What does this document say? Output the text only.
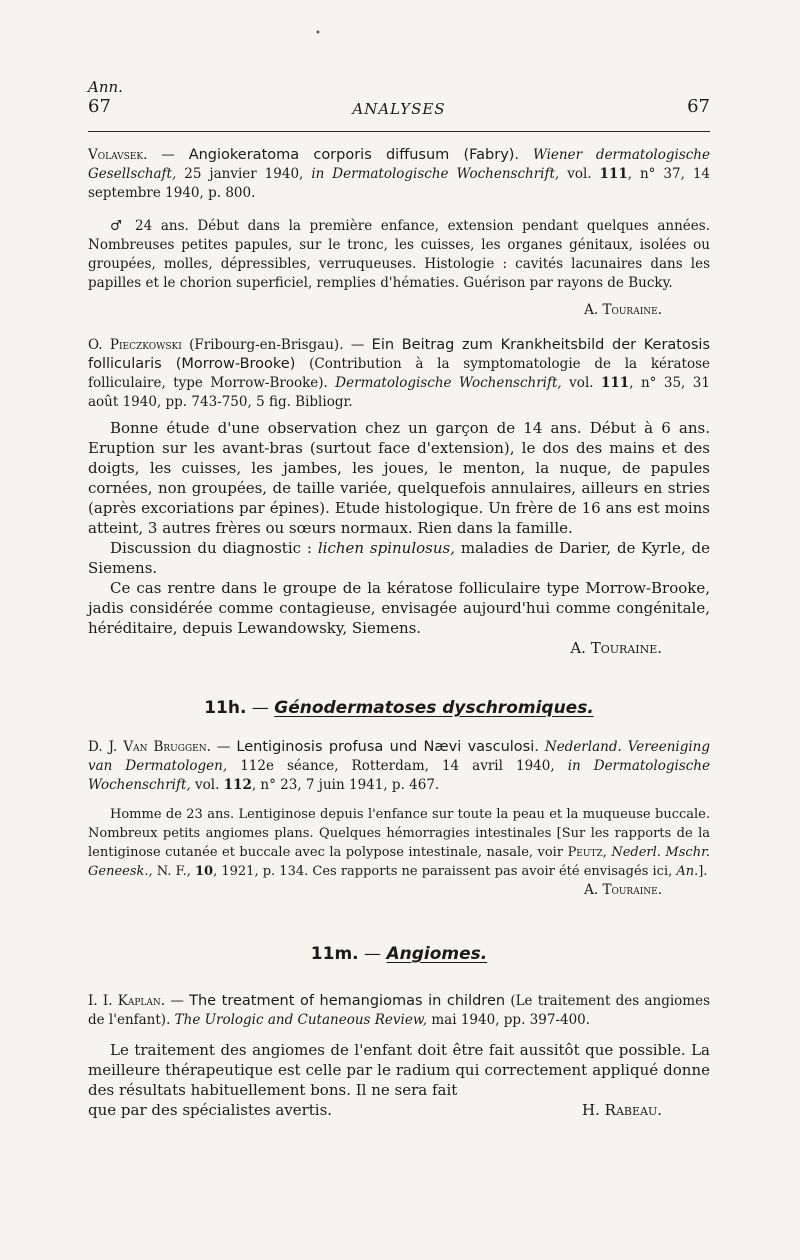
•
Ann.
67	ANALYSES	67

Volavsek. — Angiokeratoma corporis diffusum (Fabry). Wiener dermatologische Gesellschaft, 25 janvier 1940, in Dermatologische Wochenschrift, vol. 111, n° 37, 14 septembre 1940, p. 800.

♂ 24 ans. Début dans la première enfance, extension pendant quelques années. Nombreuses petites papules, sur le tronc, les cuisses, les organes génitaux, isolées ou groupées, molles, dépressibles, verruqueuses. Histologie : cavités lacunaires dans les papilles et le chorion superficiel, remplies d'hématies. Guérison par rayons de Bucky.

A. Touraine.

O. Pieczkowski (Fribourg-en-Brisgau). — Ein Beitrag zum Krankheitsbild der Keratosis follicularis (Morrow-Brooke) (Contribution à la symptomatologie de la kératose folliculaire, type Morrow-Brooke). Dermatologische Wochenschrift, vol. 111, n° 35, 31 août 1940, pp. 743-750, 5 fig. Bibliogr.

Bonne étude d'une observation chez un garçon de 14 ans. Début à 6 ans. Eruption sur les avant-bras (surtout face d'extension), le dos des mains et des doigts, les cuisses, les jambes, les joues, le menton, la nuque, de papules cornées, non groupées, de taille variée, quelquefois annulaires, ailleurs en stries (après excoriations par épines). Etude histologique. Un frère de 16 ans est moins atteint, 3 autres frères ou sœurs normaux. Rien dans la famille.

Discussion du diagnostic : lichen spinulosus, maladies de Darier, de Kyrle, de Siemens.

Ce cas rentre dans le groupe de la kératose folliculaire type Morrow-Brooke, jadis considérée comme contagieuse, envisagée aujourd'hui comme congénitale, héréditaire, depuis Lewandowsky, Siemens.

A. Touraine.

11h. — Génodermatoses dyschromiques.

D. J. Van Bruggen. — Lentiginosis profusa und Nævi vasculosi. Nederland. Vereeniging van Dermatologen, 112e séance, Rotterdam, 14 avril 1940, in Dermatologische Wochenschrift, vol. 112, n° 23, 7 juin 1941, p. 467.

Homme de 23 ans. Lentiginose depuis l'enfance sur toute la peau et la muqueuse buccale. Nombreux petits angiomes plans. Quelques hémorragies intestinales [Sur les rapports de la lentiginose cutanée et buccale avec la polypose intestinale, nasale, voir Peutz, Nederl. Mschr. Geneesk., N. F., 10, 1921, p. 134. Ces rapports ne paraissent pas avoir été envisagés ici, An.].

A. Touraine.

11m. — Angiomes.

I. I. Kaplan. — The treatment of hemangiomas in children (Le traitement des angiomes de l'enfant). The Urologic and Cutaneous Review, mai 1940, pp. 397-400.

Le traitement des angiomes de l'enfant doit être fait aussitôt que possible. La meilleure thérapeutique est celle par le radium qui correctement appliqué donne des résultats habituellement bons. Il ne sera fait

que par des spécialistes avertis.	H. Rabeau.
